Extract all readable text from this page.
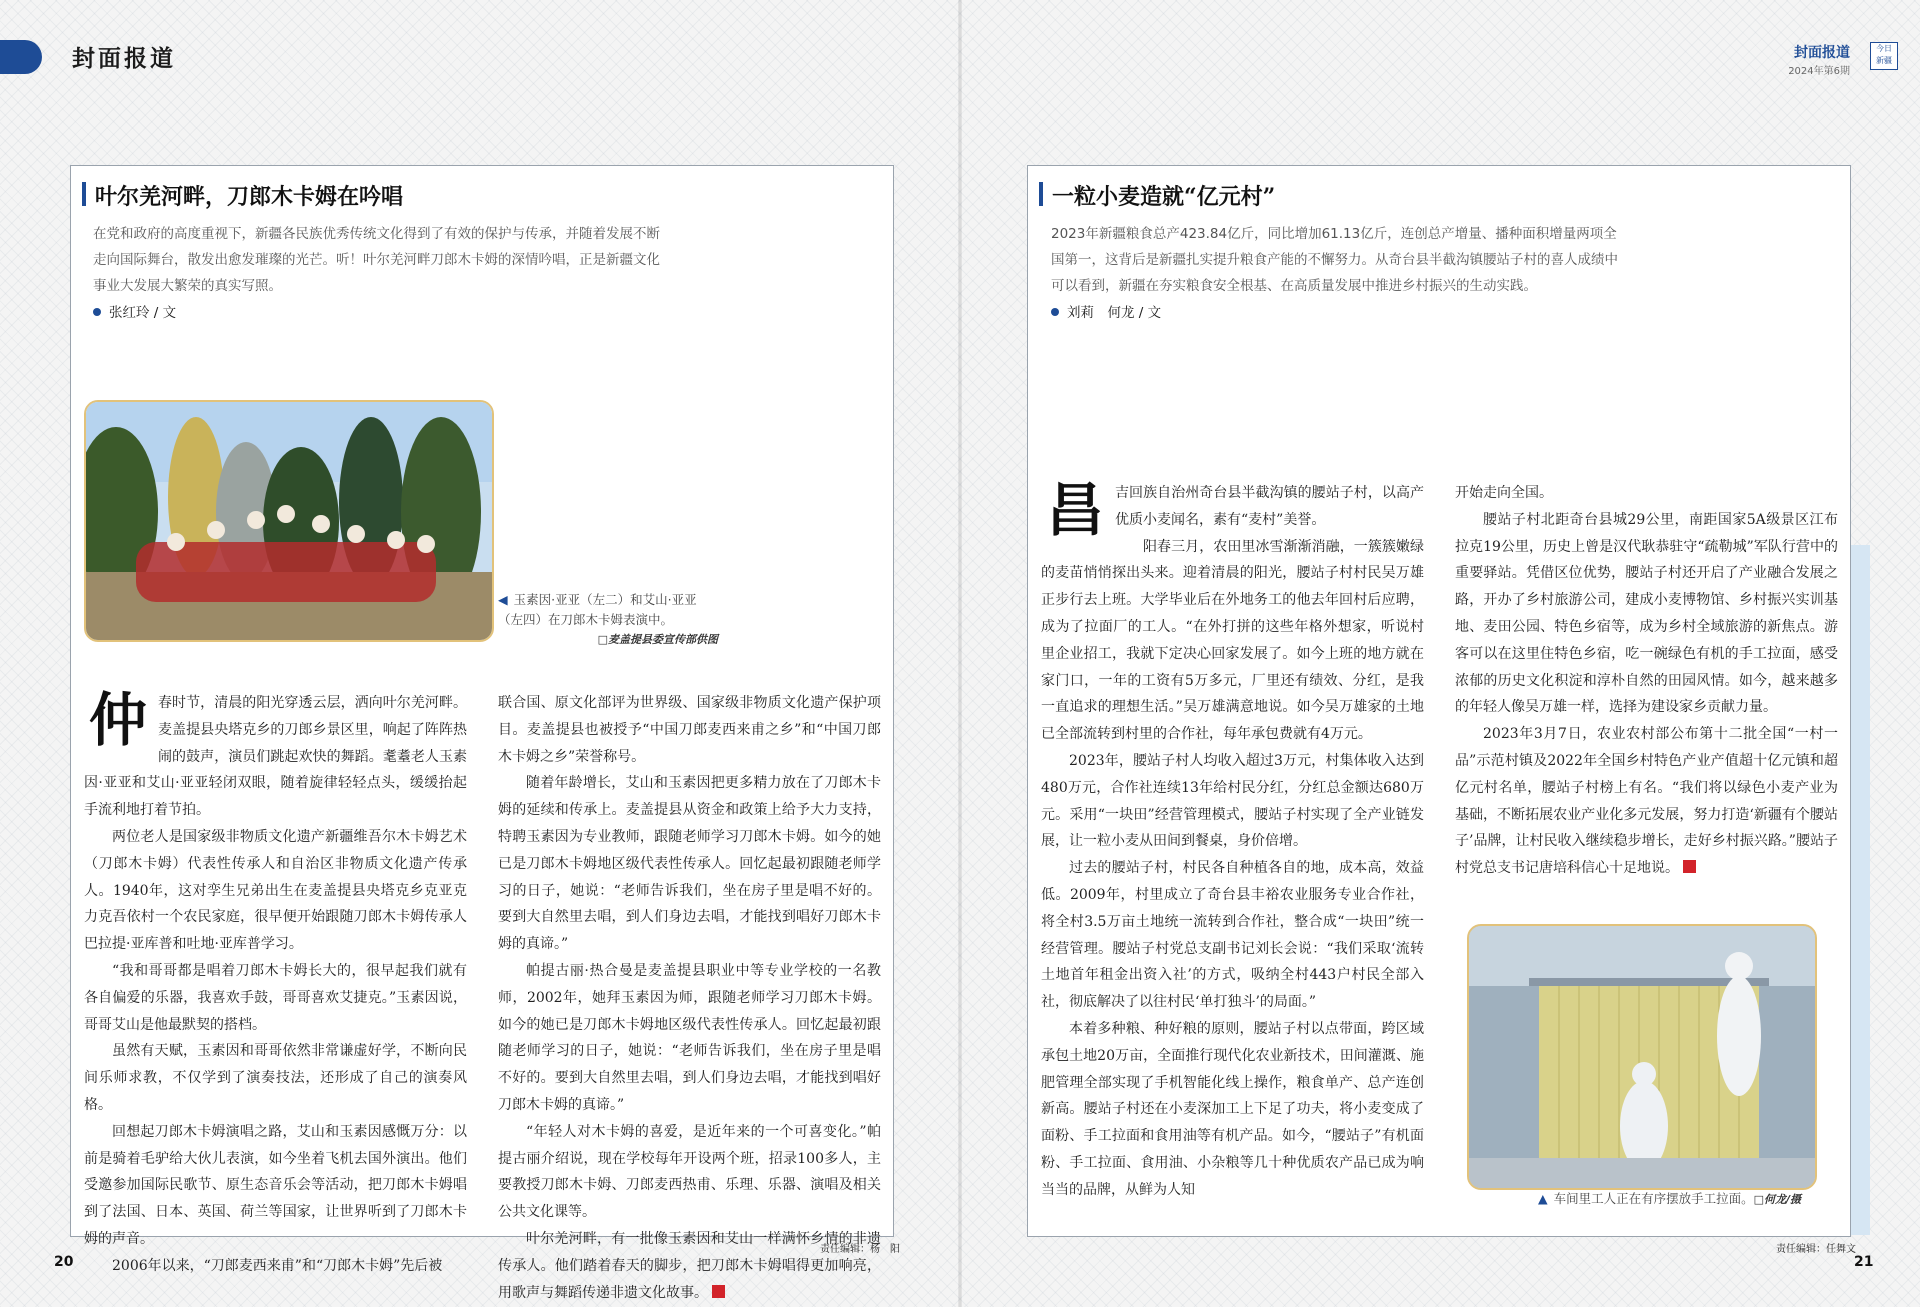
封面报道	封面报道
2024年第6期
今日
新疆
叶尔羌河畔，刀郎木卡姆在吟唱
在党和政府的高度重视下，新疆各民族优秀传统文化得到了有效的保护与传承，并随着发展不断走向国际舞台，散发出愈发璀璨的光芒。听！叶尔羌河畔刀郎木卡姆的深情吟唱，正是新疆文化事业大发展大繁荣的真实写照。
张红玲 / 文
◀ 玉素因·亚亚（左二）和艾山·亚亚（左四）在刀郎木卡姆表演中。
□麦盖提县委宣传部供图

仲春时节，清晨的阳光穿透云层，洒向叶尔羌河畔。麦盖提县央塔克乡的刀郎乡景区里，响起了阵阵热闹的鼓声，演员们跳起欢快的舞蹈。耄耋老人玉素因·亚亚和艾山·亚亚轻闭双眼，随着旋律轻轻点头，缓缓抬起手流利地打着节拍。

两位老人是国家级非物质文化遗产新疆维吾尔木卡姆艺术（刀郎木卡姆）代表性传承人和自治区非物质文化遗产传承人。1940年，这对孪生兄弟出生在麦盖提县央塔克乡克亚克力克吾依村一个农民家庭，很早便开始跟随刀郎木卡姆传承人巴拉提·亚库普和吐地·亚库普学习。

“我和哥哥都是唱着刀郎木卡姆长大的，很早起我们就有各自偏爱的乐器，我喜欢手鼓，哥哥喜欢艾捷克。”玉素因说，哥哥艾山是他最默契的搭档。

虽然有天赋，玉素因和哥哥依然非常谦虚好学，不断向民间乐师求教，不仅学到了演奏技法，还形成了自己的演奏风格。

回想起刀郎木卡姆演唱之路，艾山和玉素因感慨万分：以前是骑着毛驴给大伙儿表演，如今坐着飞机去国外演出。他们受邀参加国际民歌节、原生态音乐会等活动，把刀郎木卡姆唱到了法国、日本、英国、荷兰等国家，让世界听到了刀郎木卡姆的声音。

2006年以来，“刀郎麦西来甫”和“刀郎木卡姆”先后被

联合国、原文化部评为世界级、国家级非物质文化遗产保护项目。麦盖提县也被授予“中国刀郎麦西来甫之乡”和“中国刀郎木卡姆之乡”荣誉称号。

随着年龄增长，艾山和玉素因把更多精力放在了刀郎木卡姆的延续和传承上。麦盖提县从资金和政策上给予大力支持，特聘玉素因为专业教师，跟随老师学习刀郎木卡姆。如今的她已是刀郎木卡姆地区级代表性传承人。回忆起最初跟随老师学习的日子，她说：“老师告诉我们，坐在房子里是唱不好的。要到大自然里去唱，到人们身边去唱，才能找到唱好刀郎木卡姆的真谛。”

帕提古丽·热合曼是麦盖提县职业中等专业学校的一名教师，2002年，她拜玉素因为师，跟随老师学习刀郎木卡姆。如今的她已是刀郎木卡姆地区级代表性传承人。回忆起最初跟随老师学习的日子，她说：“老师告诉我们，坐在房子里是唱不好的。要到大自然里去唱，到人们身边去唱，才能找到唱好刀郎木卡姆的真谛。”

“年轻人对木卡姆的喜爱，是近年来的一个可喜变化。”帕提古丽介绍说，现在学校每年开设两个班，招录100多人，主要教授刀郎木卡姆、刀郎麦西热甫、乐理、乐器、演唱及相关公共文化课等。

叶尔羌河畔，有一批像玉素因和艾山一样满怀乡情的非遗传承人。他们踏着春天的脚步，把刀郎木卡姆唱得更加响亮，用歌声与舞蹈传递非遗文化故事。

一粒小麦造就“亿元村”
2023年新疆粮食总产423.84亿斤，同比增加61.13亿斤，连创总产增量、播种面积增量两项全国第一，这背后是新疆扎实提升粮食产能的不懈努力。从奇台县半截沟镇腰站子村的喜人成绩中可以看到，新疆在夯实粮食安全根基、在高质量发展中推进乡村振兴的生动实践。
刘莉　何龙 / 文

昌吉回族自治州奇台县半截沟镇的腰站子村，以高产优质小麦闻名，素有“麦村”美誉。

阳春三月，农田里冰雪渐渐消融，一簇簇嫩绿的麦苗悄悄探出头来。迎着清晨的阳光，腰站子村村民吴万雄正步行去上班。大学毕业后在外地务工的他去年回村后应聘，成为了拉面厂的工人。“在外打拼的这些年格外想家，听说村里企业招工，我就下定决心回家发展了。如今上班的地方就在家门口，一年的工资有5万多元，厂里还有绩效、分红，是我一直追求的理想生活。”吴万雄满意地说。如今吴万雄家的土地已全部流转到村里的合作社，每年承包费就有4万元。

2023年，腰站子村人均收入超过3万元，村集体收入达到480万元，合作社连续13年给村民分红，分红总金额达680万元。采用“一块田”经营管理模式，腰站子村实现了全产业链发展，让一粒小麦从田间到餐桌，身价倍增。

过去的腰站子村，村民各自种植各自的地，成本高，效益低。2009年，村里成立了奇台县丰裕农业服务专业合作社，将全村3.5万亩土地统一流转到合作社，整合成“一块田”统一经营管理。腰站子村党总支副书记刘长会说：“我们采取‘流转土地首年租金出资入社’的方式，吸纳全村443户村民全部入社，彻底解决了以往村民‘单打独斗’的局面。”

本着多种粮、种好粮的原则，腰站子村以点带面，跨区域承包土地20万亩，全面推行现代化农业新技术，田间灌溉、施肥管理全部实现了手机智能化线上操作，粮食单产、总产连创新高。腰站子村还在小麦深加工上下足了功夫，将小麦变成了面粉、手工拉面和食用油等有机产品。如今，“腰站子”有机面粉、手工拉面、食用油、小杂粮等几十种优质农产品已成为响当当的品牌，从鲜为人知

开始走向全国。

腰站子村北距奇台县城29公里，南距国家5A级景区江布拉克19公里，历史上曾是汉代耿恭驻守“疏勒城”军队行营中的重要驿站。凭借区位优势，腰站子村还开启了产业融合发展之路，开办了乡村旅游公司，建成小麦博物馆、乡村振兴实训基地、麦田公园、特色乡宿等，成为乡村全域旅游的新焦点。游客可以在这里住特色乡宿，吃一碗绿色有机的手工拉面，感受浓郁的历史文化积淀和淳朴自然的田园风情。如今，越来越多的年轻人像吴万雄一样，选择为建设家乡贡献力量。

2023年3月7日，农业农村部公布第十二批全国“一村一品”示范村镇及2022年全国乡村特色产业产值超十亿元镇和超亿元村名单，腰站子村榜上有名。“我们将以绿色小麦产业为基础，不断拓展农业产业化多元发展，努力打造‘新疆有个腰站子’品牌，让村民收入继续稳步增长，走好乡村振兴路。”腰站子村党总支书记唐培科信心十足地说。

▲ 车间里工人正在有序摆放手工拉面。□何龙/摄
20	21
责任编辑：杨　阳	责任编辑：任舞文
